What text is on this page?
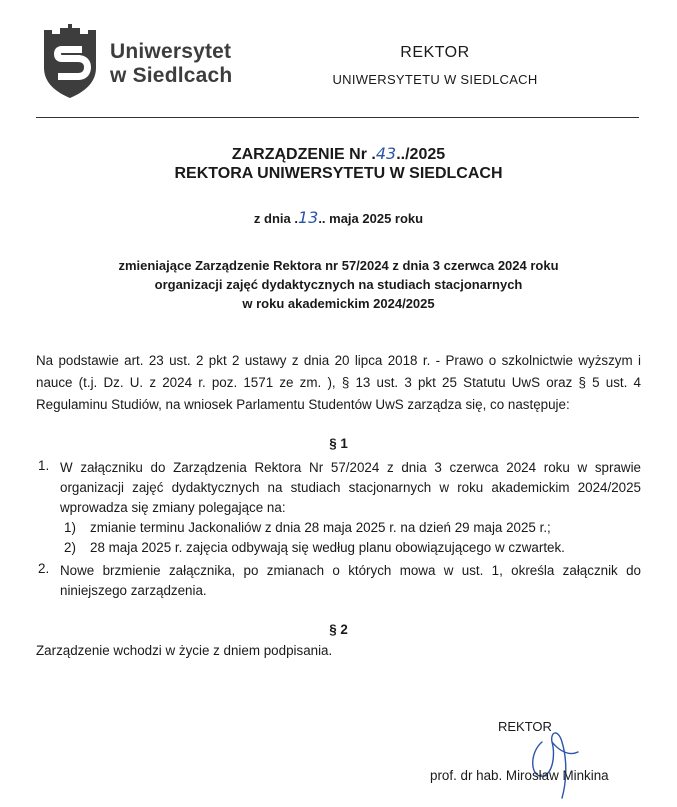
Uniwersytet
w Siedlcach
REKTOR
UNIWERSYTETU W SIEDLCACH
ZARZĄDZENIE Nr .43../2025
REKTORA UNIWERSYTETU W SIEDLCACH
z dnia .13.. maja 2025 roku
zmieniające Zarządzenie Rektora nr 57/2024 z dnia 3 czerwca 2024 roku
organizacji zajęć dydaktycznych na studiach stacjonarnych
w roku akademickim 2024/2025
Na podstawie art. 23 ust. 2 pkt 2 ustawy z dnia 20 lipca 2018 r. - Prawo o szkolnictwie wyższym i nauce (t.j. Dz. U. z 2024 r. poz. 1571 ze zm. ), § 13 ust. 3 pkt 25 Statutu UwS oraz § 5 ust. 4 Regulaminu Studiów, na wniosek Parlamentu Studentów UwS zarządza się, co następuje:
§ 1
1. W załączniku do Zarządzenia Rektora Nr 57/2024 z dnia 3 czerwca 2024 roku w sprawie organizacji zajęć dydaktycznych na studiach stacjonarnych w roku akademickim 2024/2025 wprowadza się zmiany polegające na:
1) zmianie terminu Jackonaliów z dnia 28 maja 2025 r. na dzień 29 maja 2025 r.;
2) 28 maja 2025 r. zajęcia odbywają się według planu obowiązującego w czwartek.
2. Nowe brzmienie załącznika, po zmianach o których mowa w ust. 1, określa załącznik do niniejszego zarządzenia.
§ 2
Zarządzenie wchodzi w życie z dniem podpisania.
REKTOR
prof. dr hab. Mirosław Minkina
